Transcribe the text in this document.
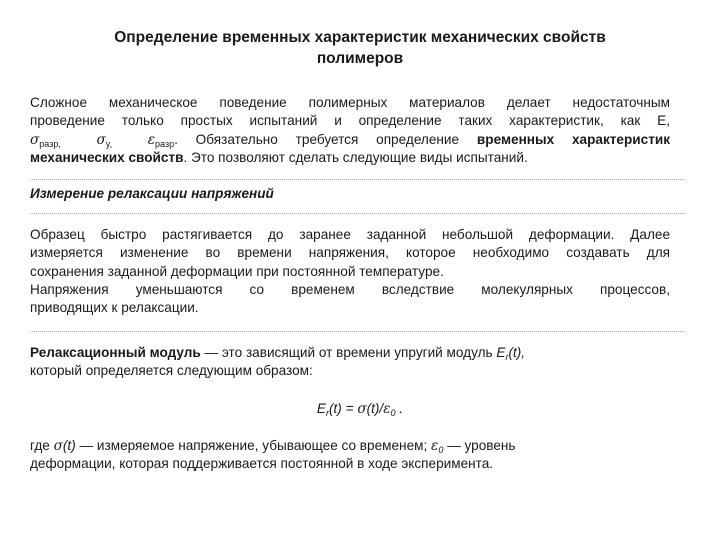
Определение временных характеристик механических свойств
полимеров
Сложное механическое поведение полимерных материалов делает недостаточным
проведение только простых испытаний и определение таких характеристик, как E,
$\sigma_{разр,}$	$\sigma_{y,}$	$\varepsilon_{разр}$. Обязательно требуется определение временных характеристик
механических свойств. Это позволяют сделать следующие виды испытаний.
Измерение релаксации напряжений
Образец быстро растягивается до заранее заданной небольшой деформации. Далее
измеряется изменение во времени напряжения, которое необходимо создавать для
сохранения заданной деформации при постоянной температуре.
Напряжения уменьшаются со временем вследствие молекулярных процессов,
приводящих к релаксации.
Релаксационный модуль — это зависящий от времени упругий модуль $E_r(t)$,
который определяется следующим образом:
$E_r(t) = \sigma(t)/\varepsilon_0$ .
где σ(t) — измеряемое напряжение, убывающее со временем; $\varepsilon_0$ — уровень
деформации, которая поддерживается постоянной в ходе эксперимента.
